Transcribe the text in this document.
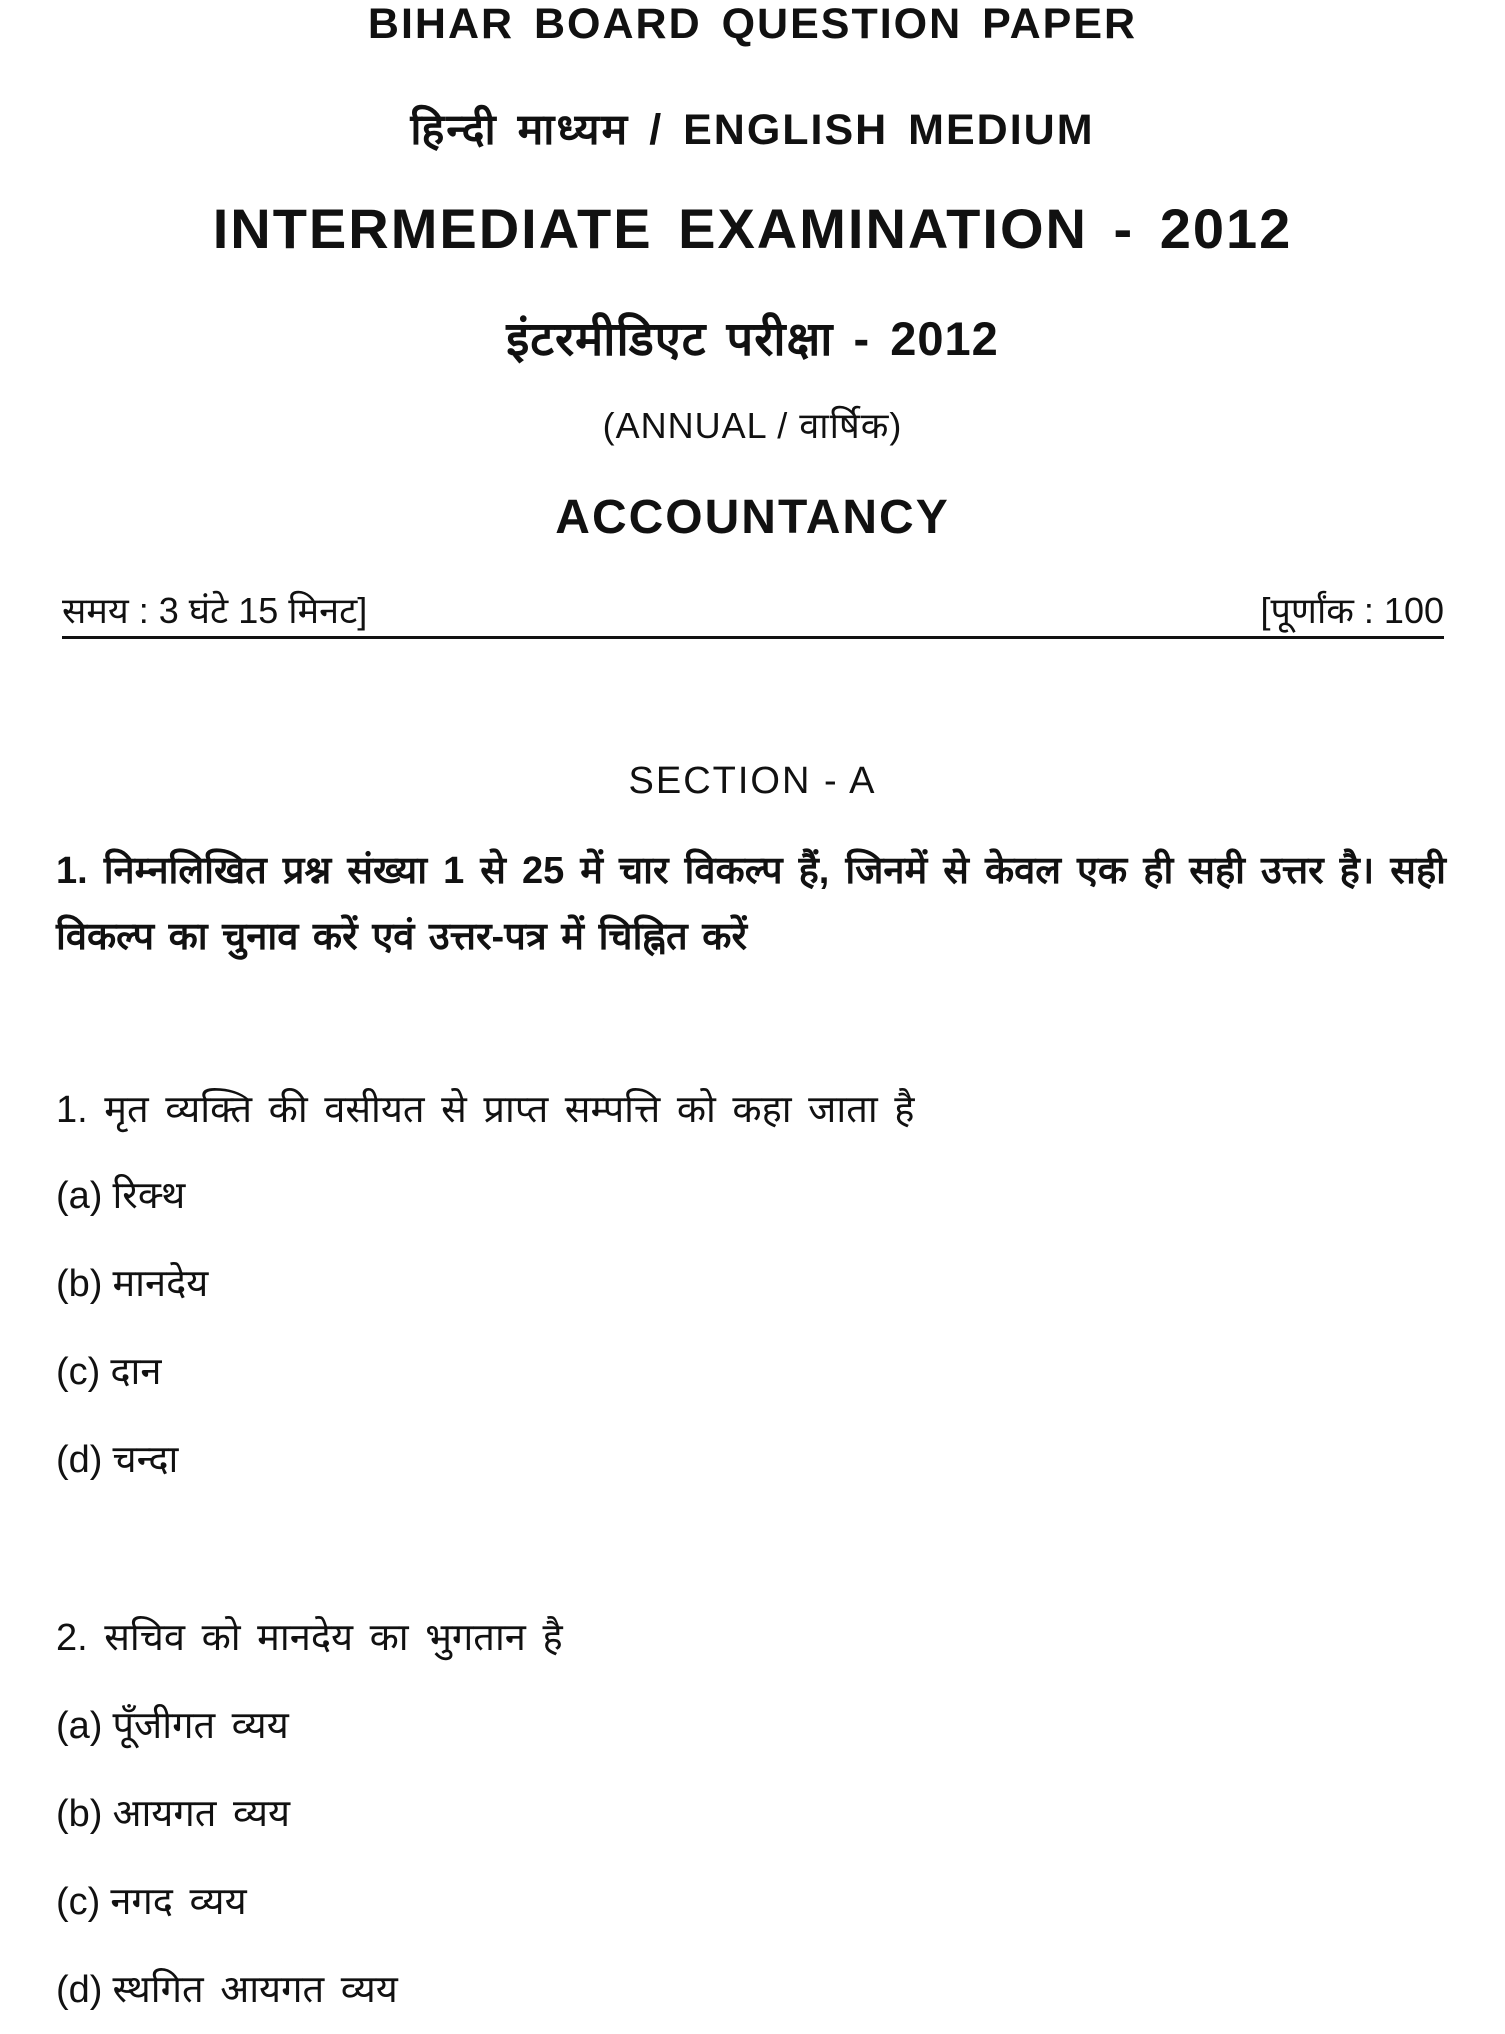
BIHAR BOARD QUESTION PAPER
हिन्दी माध्यम / ENGLISH MEDIUM
INTERMEDIATE EXAMINATION - 2012
इंटरमीडिएट परीक्षा - 2012
(ANNUAL / वार्षिक)
ACCOUNTANCY
समय : 3 घंटे 15 मिनट]	[पूर्णांक : 100
SECTION - A
1. निम्नलिखित प्रश्न संख्या 1 से 25 में चार विकल्प हैं, जिनमें से केवल एक ही सही उत्तर है। सही विकल्प का चुनाव करें एवं उत्तर-पत्र में चिह्नित करें
1. मृत व्यक्ति की वसीयत से प्राप्त सम्पत्ति को कहा जाता है
(a) रिक्थ
(b) मानदेय
(c) दान
(d) चन्दा
2. सचिव को मानदेय का भुगतान है
(a) पूँजीगत व्यय
(b) आयगत व्यय
(c) नगद व्यय
(d) स्थगित आयगत व्यय
